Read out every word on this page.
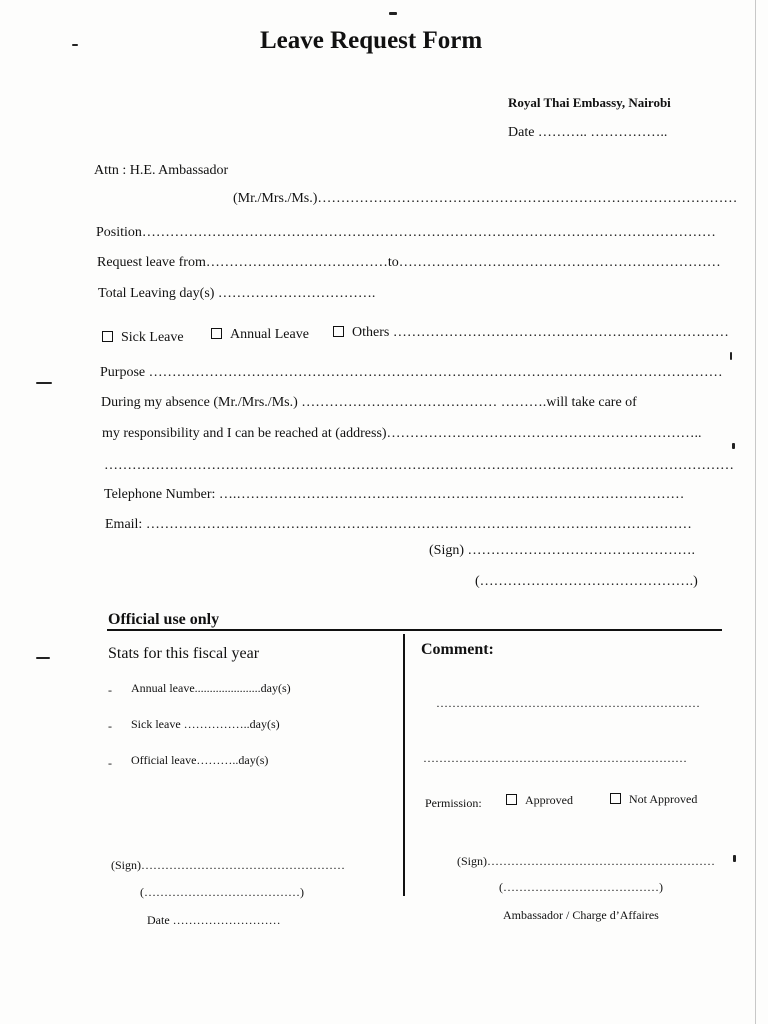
Leave Request Form
Royal Thai Embassy, Nairobi
Date ……….. ……………..
Attn : H.E. Ambassador
(Mr./Mrs./Ms.)………………………………………………………………………………
Position……………………………………………………………………………………………………………
Request leave from…………………………………to……………………………………………………………
Total Leaving day(s) …………………………….
Sick Leave	Annual Leave	Others ………………………………………………………………
Purpose ……………………………………………………………………………………………………………
During my absence (Mr./Mrs./Ms.) …………………………………… ……….will take care of
my responsibility and I can be reached at (address)…………………………………………………………..
………………………………………………………………………………………………………………………
Telephone Number: ….……………………………………………………………………………………
Email: ………………………………………………………………………………………………………
(Sign) ………………………………………….
(……………………………………….)
Official use only
Stats for this fiscal year
- Annual leave......................day(s)
- Sick leave ……………..day(s)
- Official leave………..day(s)
(Sign)……………………………………………
(…………………………………)
Date ………………………
Comment:
…………………………………………………………
…………………………………………………………
Permission:	Approved	Not Approved
(Sign)…………………………………………………
(…………………………………)
Ambassador / Charge d’Affaires
